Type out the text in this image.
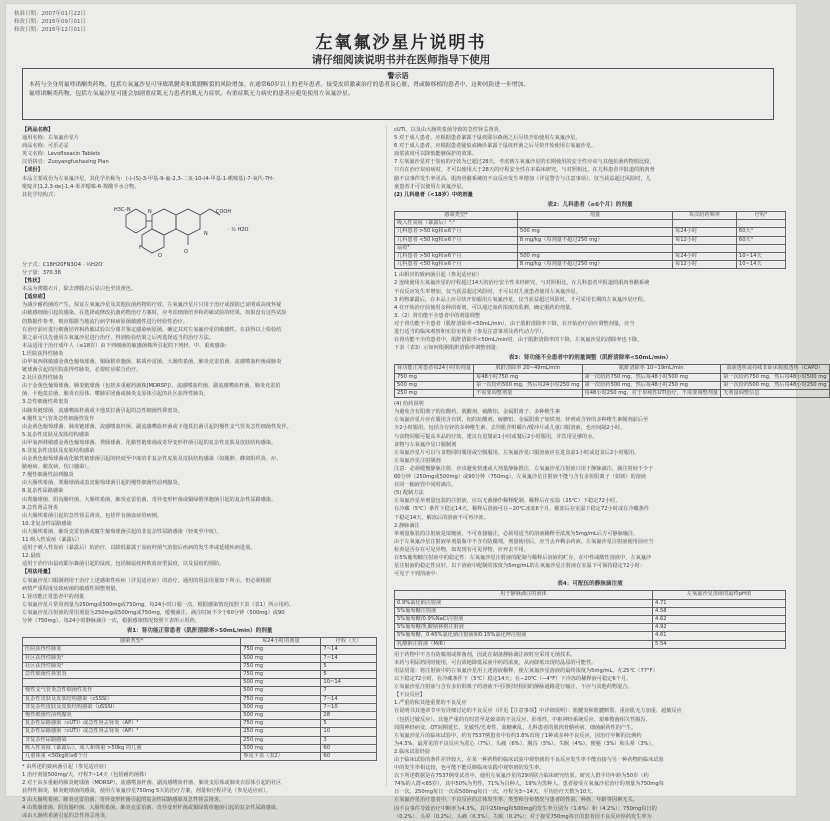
核准日期：2007年01月22日
修改日期：2015年09月01日
修改日期：2015年12月01日
左氧氟沙星片说明书
请仔细阅读说明书并在医师指导下使用
警示语
本药与全身用氟喹诺酮类药物，包括左氧氟沙星可导致肌腱炎和肌腱断裂的风险增加。在通常60岁以上的老年患者，接受皮质激素治疗的患者及心脏、肾或肺移植的患者中，这种风险进一步增加。
氟喹诺酮类药物，包括左氧氟沙星可能会加剧重症肌无力患者的肌无力症状。有重症肌无力病史的患者应避免使用左氧氟沙星。

【药品名称】

通用名称：左氧氟沙星片

商品名称：可乐必妥

英文名称：Levofloxacin Tablets

汉语拼音：Zuoyangfushaxing Pian

【成份】

本品主要成份为左氧氟沙星，其化学名称为：(-)-(S)-3-甲基-9-氟-2,3-二氢-10-(4-甲基-1-哌嗪基)-7-氧代-7H-

吡啶并[1,2,3-de]-1,4-苯并噁嗪-6-羧酸半水合物。

其化学结构式：

H3C–N	N
F
O
N
COOH
O
· ½ H2O

分子式：C18H20FN3O4 · ½H2O

分子量：370.38

【性状】

本品为薄膜衣片，除去薄膜衣后显白色至淡黄色。

【适应症】

为减少耐药菌的产生，保证左氧氟沙星及其他抗菌药物的疗效，左氧氟沙星片只用于治疗或预防已证明或高度怀疑

由敏感细菌引起的感染。在选择或修改抗菌药物治疗方案时，应考虑细菌培养和药敏试验的结果。如果没有这些试验

的数据作参考，则应根据当地流行病学和病原菌敏感性进行经验性治疗。

在治疗前应进行细菌培养和药敏试验以分离并鉴定感染病原菌，确定其对左氧氟沙星的敏感性。在获得以上检验结

果之前可以先使用左氧氟沙星进行治疗，得到检验结果之后再选择适当的治疗方法。

本品适用于治疗成年人（≥18岁）由下列细菌的敏感菌株所引起的下列轻、中、重度感染：

1.医院获得性肺炎

由甲氧西林敏感金黄色葡萄球菌、铜绿假单胞菌、粘质沙雷菌、大肠埃希菌、肺炎克雷伯菌、流感嗜血杆菌或肺炎

链球菌引起的医院获得性肺炎。必要时应联合治疗。

2.社区获得性肺炎

由于金黄色葡萄球菌、肺炎链球菌（包括多重耐药菌株[MDRSP]）、流感嗜血杆菌、副流感嗜血杆菌、肺炎克雷伯

菌、卡他莫拉菌、肺炎衣原体、嗜肺军团菌或肺炎支原体引起的社区获得性肺炎。

3.急性细菌性鼻窦炎

由肺炎链球菌、流感嗜血杆菌或卡他莫拉菌引起的急性细菌性鼻窦炎。

4.慢性支气管炎急性细菌性发作

由金黄色葡萄球菌、肺炎链球菌、流感嗜血杆菌、副流感嗜血杆菌或卡他莫拉菌引起的慢性支气管炎急性细菌性发作。

5.复杂性皮肤及皮肤结构感染

由甲氧西林敏感金黄色葡萄球菌、粪肠球菌、化脓性链球菌或奇异变形杆菌引起的复杂性皮肤及皮肤结构感染。

6.非复杂性皮肤及皮肤结构感染

由金黄色葡萄球菌或化脓性链球菌引起的轻度至中度的非复杂性皮肤及皮肤结构感染（如脓肿、蜂窝组织炎、疖、

脓疱病、脓皮病、伤口感染）。

7.慢性细菌性前列腺炎

由大肠埃希菌、粪肠球菌或表皮葡萄球菌引起的慢性细菌性前列腺炎。

8.复杂性尿路感染

由粪肠球菌、阴沟肠杆菌、大肠埃希菌、肺炎克雷伯菌、奇异变形杆菌或铜绿假单胞菌引起的复杂性尿路感染。

9.急性肾盂肾炎

由大肠埃希菌引起的急性肾盂肾炎，包括伴有菌血症的病例。

10.非复杂性尿路感染

由大肠埃希菌、肺炎克雷伯菌或腐生葡萄球菌引起的非复杂性尿路感染（轻度至中度）。

11.吸入性炭疽（暴露后）

适用于吸入性炭疽（暴露后）的治疗，以降低暴露于炭疽杆菌气溶胶后疾病的发生率或延缓疾病进展。

12.鼠疫

适用于治疗由鼠疫耶尔森菌引起的鼠疫，包括肺鼠疫和败血症型鼠疫，以及鼠疫的预防。

【用法用量】

左氧氟沙星口服制剂用于治疗上述感染性疾病（详见适应症）的治疗。通用的用法用量如下所示。但必须根据

病情严重程度及致病菌的敏感性调整剂量。

1.肾功能正常患者中的剂量

左氧氟沙星片常用剂量为250mg或500mg或750mg，每24小时口服一次，根据感染情况按照下表（表1）所示用药。

左氧氟沙星注射液的常用剂量为250mg或500mg或750mg，缓慢滴注，滴注时间不少于60分钟（500mg）或90

分钟（750mg），每24小时静脉滴注一次，根据感染情况按照下表所示用药。

表1：肾功能正常患者（肌酐清除率>50mL/min）的剂量
感染类型*	每24小时的剂量	疗程（天）
医院获得性肺炎	750 mg	7~14
社区获得性肺炎¹	500 mg	7~14
社区获得性肺炎²	750 mg	5
急性细菌性鼻窦炎	750 mg	5
	500 mg	10~14
慢性支气管炎急性细菌性发作	500 mg	7
复杂性皮肤及皮肤结构感染（cSSSI）	750 mg	7~14
非复杂性皮肤及皮肤结构感染（uSSSI）	500 mg	7~10
慢性细菌性前列腺炎	500 mg	28
复杂性尿路感染（cUTI）或急性肾盂肾炎（AP）³	750 mg	5
复杂性尿路感染（cUTI）或急性肾盂肾炎（AP）⁴	250 mg	10
非复杂性尿路感染	250 mg	3
吸入性炭疽（暴露后），成人和体重 >50kg 的儿童	500 mg	60
儿童体重 <50kg和≥6个月	参见下表（表2）	60

* 由所述的致病菌引起（参见适应症）

1 治疗剂量500mg/天，疗程7~14天（包括耐药菌株）

2 对于由多重耐药肺炎链球菌（MDRSP）、流感嗜血杆菌、副流感嗜血杆菌、肺炎支原体或肺炎衣原体引起的社区

获得性肺炎，肺炎链球菌的感染，使用左氧氟沙星750mg 5天的治疗方案，剂量和疗程详见（参见适应症）。

3 由大肠埃希菌、肺炎克雷伯菌、奇异变形杆菌引起的复杂性尿路感染及急性肾盂肾炎。

4 由粪肠球菌、阴沟肠杆菌、大肠埃希菌、肺炎克雷伯菌、奇异变形杆菌或铜绿假单胞菌引起的复杂性尿路感染，

或由大肠埃希菌引起的急性肾盂肾炎。

cUTI，以及由大肠埃希菌导致的急性肾盂肾炎。

5 对于成人患者，应根据患者暴露于鼠疫耶尔森菌之后尽快开始使用左氧氟沙星。

6 对于成人患者，应根据患者疑似或确诊暴露于鼠疫杆菌之后尽快开始使用左氧氟沙星。

血浆浓度可以降低能够保护的效果。

7 左氧氟沙星对于炭疽的疗效为已超过28天，考虑到左氧氟沙星的长期使用的安全性应该与其他抗菌药物相比较。

只有在治疗炭疽病时，才可以使用大于28天的疗程安全性在本临床研究。与对照相比，在儿科患者中报道的肌肉骨

骼不良事件发生率更高，肌肉骨骼系统的不良反应发生率增加（详见警告与注意事项）。仅当获益超过风险时，儿

童患者才可以使用左氧氟沙星。

(2) 儿科患者（<18岁）中的剂量

表2：儿科患者（≥6个月）的剂量
感染类型*	剂量	每次给药频率	疗程²
吸入性炭疽（暴露后）³,⁴			
儿科患者 >50 kg和≥6个月	500 mg	每24小时	60天⁴
儿科患者 <50 kg和≥6个月	8 mg/kg（每剂量不超过250 mg）	每12小时	60天⁴
鼠疫³			
儿科患者 >50 kg和≥6个月	500 mg	每24小时	10~14天
儿科患者 <50 kg和≥6个月	8 mg/kg（每剂量不超过250 mg）	每12小时	10~14天

1 由相应的致病菌引起（参见适应症）

2 连续使用左氧氟沙星的疗程超过14天的治疗安全性未经研究，与对照相比，在儿科患者中报道的肌肉骨骼系统

不良反应发生率增加，仅当获益超过风险时，才可以对儿童患者使用左氧氟沙星。

3 药物暴露后，在本品上应尽快开始服用左氧氟沙星，仅当获益超过风险时，才可采用长期的左氧氟沙星疗程。

4 在开始治疗前使用多种消毒剂，可以通过血药浓度的监测，确定服药的剂量。

3.（2）肾功能不全患者中的剂量调整

对于肾功能不全患者（肌酐清除率<50mL/min），由于肌酐清除率下降，在开始治疗前应调整剂量，应当

进行适当的临床观察和实验室检查（参见注意事项及药代动力学）。

在肾功能不全的患者中，肌酐清除率<50mL/min时，由于肌酐清除率的下降，左氧氟沙星的清除率也下降，

下表（表3）示如何根据肌酐清除率调整剂量：

表3：肾功能不全患者中的剂量调整（肌酐清除率<50mL/min）
肾功能正常患者每24小时的剂量	肌酐清除率 20~49mL/min	肌酐清除率 10~19mL/min	血液透析或持续非卧床腹膜透析（CAPD）
750 mg	每48小时750 mg	第一次给药750 mg，然后每48小时500 mg	第一次给药750 mg，然后每48小时500 mg
500 mg	第一次给药500 mg，然后每24小时250 mg	第一次给药500 mg，然后每48小时250 mg	第一次给药500 mg，然后每48小时250 mg
250 mg	不需要调整剂量	每48小时250 mg，对于单纯性UTI治疗，不需要调整剂量	无剂量调整信息

(4) 给药说明

为避免含有阳离子的抗酸药，肌酸剂、硫酸铝、金属阳离子、多种维生素

左氧氟沙星片应在服用含有镁、铝的抗酸剂、硫糖铝、金属阳离子如铁剂、锌剂或含锌的多种维生素制剂前后至

少2小时服用。包括含有锌的多种维生素、去羟肌苷咀嚼片/缓冲片或儿童口服溶液，也应间隔2小时。

与食物同服可提高本品的疗效，建议在进餐前1小时或餐后2小时服用，并饮用足够的水。

食物与左氧氟沙星口服制剂

左氧氟沙星片可以与食物同时服用或空腹服用。左氧氟沙星口服溶液应在进食前1小时或进食后2小时服用。

左氧氟沙星注射制剂

注意：必须缓慢静脉注射，应该避免快速或大剂量静脉推注，左氧氟沙星注射液只用于静脉滴注，滴注时间不少于

60分钟（250mg或500mg）或90分钟（750mg）。左氧氟沙星注射液不能与含有多价阳离子（如镁）的溶液

在同一输液管中同时滴注。

(5) 配制方法

左氧氟沙星单剂量包装的注射液，应以无菌操作稀释配制，稀释后在室温（25℃）下稳定72小时，

在冷藏（5℃）条件下稳定14天。稀释后溶液可在−20℃冰冻6个月，解冻后在室温下稳定72小时或在冷藏条件

下稳定14天，解冻后的溶液不可再冷冻。

2.静脉滴注

单剂量瓶装的注射液是浓缩液，不可直接输注，必须用适当的溶液稀释至浓度为5mg/mL后方可静脉输注。

由于左氧氟沙星注射液单剂量瓶中不含有防腐剂，剂量使用后，应当丢弃剩余药液。左氧氟沙星注射液使用前应当

检查是否存在可见异物，如发现有可见异物，应弃去不用。

在5%葡萄糖注射液中的稳定性：左氧氟沙星注射液的配制与稀释后溶液的贮存，在中性或酸性溶液中，左氧氟沙

星注射液的稳定性良好，以下溶液中配制的浓度为5mg/mL的左氧氟沙星注射液在室温下可保持稳定72小时：

可见于下列溶液中：

表4：可配伍的静脉滴注液
用于静脉滴注的液体	左氧氟沙星溶液的最终pH值
0.9%氯化钠注射液	4.71
5%葡萄糖注射液	4.58
5%葡萄糖/0.9%NaCl注射液	4.62
5%葡萄糖/乳酸钠林格注射液	4.92
5%葡萄糖，0.45%氯化钠注射液和0.15%氯化钾注射液	4.61
乳酸钠注射液（M/6）	5.54

用于药物中不含有防腐剂或抑菌剂，因此在制备静脉滴注液时应采用无菌技术。

本药与利尿药同时使用，可有效地降低尿液中药的浓度，从而降低出现结晶尿的可能性。

用法用量：将注射液中的左氧氟沙星用上述溶液稀释，使左氧氟沙星溶液的最终浓度为5mg/mL，在25℃（77°F）

以下稳定72小时，在冷藏条件下（5℃）稳定14天；在−20℃（−4°F）下冷冻的稀释液可稳定6个月。

左氧氟沙星注射液与含有多价阳离子的溶液不可同时经相同的静脉通路进行输注，不应与其他药物混合。

【不良反应】

1.严重的和其他重要的不良反应

在说明书其他章节中有详细讨论的不良反应（详见【注意事项】中详细说明）：肌腱炎和肌腱断裂、重症肌无力加重、超敏反应

（包括过敏反应）、其他严重的有时甚至是致命的不良反应、肝毒性、中枢神经系统反应、艰难梭菌相关性腹泻、

周围神经病变、QT间期延长、光敏性/光毒性、血糖紊乱、儿科患者的肌肉骨骼疾病、细菌耐药性的产生。

左氧氟沙星片的临床试验中，约有7537例患者中有约3.8%出现了1种或多种不良反应，因治疗中断的比例约

为4.3%，最常见的不良反应为恶心（7%）、头痛（6%）、腹泻（5%）、失眠（4%）、便秘（3%）和头晕（3%）。

2.临床试验经验

由于临床试验的条件差异较大，在某一种药物的临床试验中观察到的不良反应发生率不能直接与另一种药物的临床试验

中的发生率相比较，也可能不能反映临床实践中观察到的发生率。

以下所述数据是在7537例受试者中，使用左氧氟沙星的29项联合临床研究结果。研究人群平均年龄为50岁（约

74%的人群<65岁），其中50%为男性，71%为白种人，19%为黑种人。患者接受左氧氟沙星治疗的剂量为750mg每

日一次、250mg每日一次或500mg每日一次，疗程为3~14天，平均治疗天数为10天。

左氧氟沙星治疗患者中，不良反应的总体发生率、类型和分布情况与患者的性别、种族、年龄等因素无关。

因不良事件导致治疗中断率为4.3%，其中250mg和500mg的发生率分别为（1.6%）和（4.2%）；750mg每日的

（0.2%）、头晕（0.2%）、头痛（0.3%）、失眠（0.2%）；对于接受750mg每日的患者因不良反应停药发生率为
